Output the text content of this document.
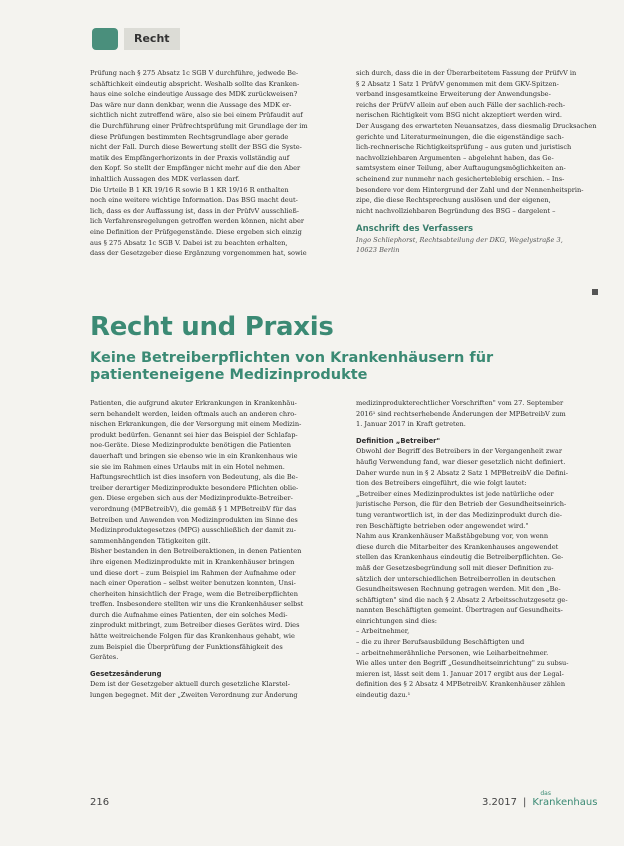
Recht
Prüfung nach § 275 Absatz 1c SGB V durchführe, jedwede Be-
schäftichkeit eindeutig abspricht. Weshalb sollte das Kranken-
haus eine solche eindeutige Aussage des MDK zurückweisen?
Das wäre nur dann denkbar, wenn die Aussage des MDK er-
sichtlich nicht zutreffend wäre, also sie bei einem Prüfaudit auf
die Durchführung einer Prüfrechtsprüfung mit Grundlage der im
diese Prüfungen bestimmten Rechtsgrundlage aber gerade
nicht der Fall. Durch diese Bewertung stellt der BSG die Syste-
matik des Empfängerhorizonts in der Praxis vollständig auf
den Kopf. So stellt der Empfänger nicht mehr auf die den Aber
inhaltlich Aussagen des MDK verlassen darf.
Die Urteile B 1 KR 19/16 R sowie B 1 KR 19/16 R enthalten
noch eine weitere wichtige Information. Das BSG macht deut-
lich, dass es der Auffassung ist, dass in der PrüfvV ausschließ-
lich Verfahrensregelungen getroffen werden können, nicht aber
eine Definition der Prüfgegenstände. Diese ergeben sich einzig
aus § 275 Absatz 1c SGB V. Dabei ist zu beachten erhalten,
dass der Gesetzgeber diese Ergänzung vorgenommen hat, sowie
sich durch, dass die in der Überarbeitetem Fassung der PrüfvV in
§ 2 Absatz 1 Satz 1 PrüfvV genommen mit dem GKV-Spitzen-
verband insgesamtkeine Erweiterung der Anwendungsbe-
reichs der PrüfvV allein auf eben auch Fälle der sachlich-rech-
nerischen Richtigkeit vom BSG nicht akzeptiert werden wird.
Der Ausgang des erwarteten Neuansatzes, dass diesmalig Drucksachen
gerichte und Literaturmeinungen, die die eigenständige sach-
lich-rechnerische Richtigkeitsprüfung – aus guten und juristisch
nachvollziehbaren Argumenten – abgelehnt haben, das Ge-
samtsystem einer Teilung, aber Auftaugungsmöglichkeiten an-
scheinend zur nunmehr nach gesicherteblebig erschien. – Ins-
besondere vor dem Hintergrund der Zahl und der Nennenheitsprin-
zipe, die diese Rechtsprechung auslösen und der eigenen,
nicht nachvollziehbaren Begründung des BSG – dargelent –
Anschrift des Verfassers
Ingo Schliephorst, Rechtsabteilung der DKG, Wegelystraße 3,
10623 Berlin
Recht und Praxis
Keine Betreiberpflichten von Krankenhäusern für patienteneigene Medizinprodukte
Patienten, die aufgrund akuter Erkrankungen in Krankenhäu-
sern behandelt werden, leiden oftmals auch an anderen chro-
nischen Erkrankungen, die der Versorgung mit einem Medizin-
produkt bedürfen. Genannt sei hier das Beispiel der Schlafap-
noe-Geräte. Diese Medizinprodukte benötigen die Patienten
dauerhaft und bringen sie ebenso wie in ein Krankenhaus wie
sie sie im Rahmen eines Urlaubs mit in ein Hotel nehmen.
Haftungsrechtlich ist dies insofern von Bedeutung, als die Be-
treiber derartiger Medizinprodukte besondere Pflichten oblie-
gen. Diese ergeben sich aus der Medizinprodukte-Betreiber-
verordnung (MPBetreibV), die gemäß § 1 MPBetreibV für das
Betreiben und Anwenden von Medizinprodukten im Sinne des
Medizinproduktegesetzes (MPG) ausschließlich der damit zu-
sammenhängenden Tätigkeiten gilt.
Bisher bestanden in den Betreiberaktionen, in denen Patienten
ihre eigenen Medizinprodukte mit in Krankenhäuser bringen
und diese dort – zum Beispiel im Rahmen der Aufnahme oder
nach einer Operation – selbst weiter benutzen konnten, Unsi-
cherheiten hinsichtlich der Frage, wem die Betreiberpflichten
treffen. Insbesondere stellten wir uns die Krankenhäuser selbst
durch die Aufnahme eines Patienten, der ein solches Medi-
zinprodukt mitbringt, zum Betreiber dieses Gerätes wird. Dies
hätte weitreichende Folgen für das Krankenhaus gehabt, wie
zum Beispiel die Überprüfung der Funktionsfähigkeit des
Gerätes.
Gesetzesänderung
Dem ist der Gesetzgeber aktuell durch gesetzliche Klarstel-
lungen begegnet. Mit der „Zweiten Verordnung zur Änderung
medizinprodukterechtlicher Vorschriften" vom 27. September
2016¹ sind rechtserhebende Änderungen der MPBetreibV zum
1. Januar 2017 in Kraft getreten.
Definition „Betreiber"
Obwohl der Begriff des Betreibers in der Vergangenheit zwar
häufig Verwendung fand, war dieser gesetzlich nicht definiert.
Daher wurde nun in § 2 Absatz 2 Satz 1 MPBetreibV die Defini-
tion des Betreibers eingeführt, die wie folgt lautet:
„Betreiber eines Medizinproduktes ist jede natürliche oder
juristische Person, die für den Betrieb der Gesundheitseinrich-
tung verantwortlich ist, in der das Medizinprodukt durch die-
ren Beschäftigte betrieben oder angewendet wird."
Nahm aus Krankenhäuser Maßstäbgebung vor, von wenn
diese durch die Mitarbeiter des Krankenhauses angewendet
stellen das Krankenhaus eindeutig die Betreiberpflichten. Ge-
mäß der Gesetzesbegründung soll mit dieser Definition zu-
sätzlich der unterschiedlichen Betreiberrollen in deutschen
Gesundheitswesen Rechnung getragen werden. Mit den „Be-
schäftigten" sind die nach § 2 Absatz 2 Arbeitsschutzgesetz ge-
nannten Beschäftigten gemeint. Übertragen auf Gesundheits-
einrichtungen sind dies:
– Arbeitnehmer,
– die zu ihrer Berufsausbildung Beschäftigten und
– arbeitnehmerähnliche Personen, wie Leiharbeitnehmer.
Wie alles unter den Begriff „Gesundheitseinrichtung" zu subsu-
mieren ist, lässt seit dem 1. Januar 2017 ergibt aus der Legal-
definition des § 2 Absatz 4 MPBetreibV. Krankenhäuser zählen
eindeutig dazu.¹
216	3.2017 |
das
Krankenhaus
